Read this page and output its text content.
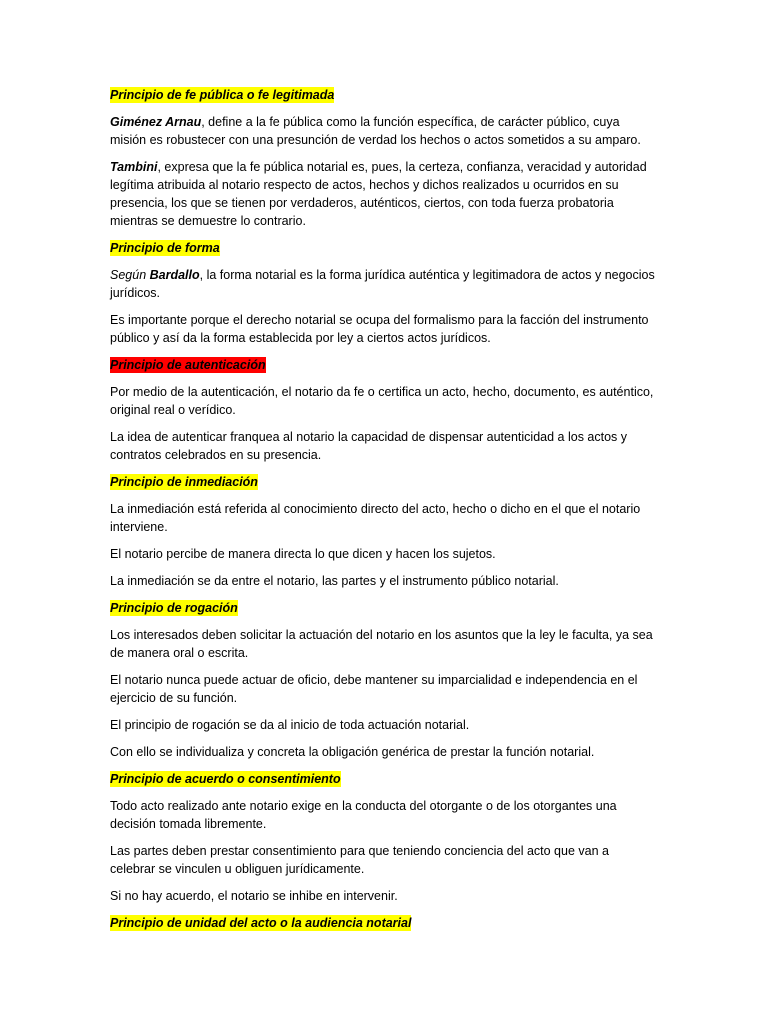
Principio de fe pública o fe legitimada
Giménez Arnau, define a la fe pública como la función específica, de carácter público, cuya misión es robustecer con una presunción de verdad los hechos o actos sometidos a su amparo.
Tambini, expresa que la fe pública notarial es, pues, la certeza, confianza, veracidad y autoridad legítima atribuida al notario respecto de actos, hechos y dichos realizados u ocurridos en su presencia, los que se tienen por verdaderos, auténticos, ciertos, con toda fuerza probatoria mientras se demuestre lo contrario.
Principio de forma
Según Bardallo, la forma notarial es la forma jurídica auténtica y legitimadora de actos y negocios jurídicos.
Es importante porque el derecho notarial se ocupa del formalismo para la facción del instrumento público y así da la forma establecida por ley a ciertos actos jurídicos.
Principio de autenticación
Por medio de la autenticación, el notario da fe o certifica un acto, hecho, documento, es auténtico, original real o verídico.
La idea de autenticar franquea al notario la capacidad de dispensar autenticidad a los actos y contratos celebrados en su presencia.
Principio de inmediación
La inmediación está referida al conocimiento directo del acto, hecho o dicho en el que el notario interviene.
El notario percibe de manera directa lo que dicen y hacen los sujetos.
La inmediación se da entre el notario, las partes y el instrumento público notarial.
Principio de rogación
Los interesados deben solicitar la actuación del notario en los asuntos que la ley le faculta, ya sea de manera oral o escrita.
El notario nunca puede actuar de oficio, debe mantener su imparcialidad e independencia en el ejercicio de su función.
El principio de rogación se da al inicio de toda actuación notarial.
Con ello se individualiza y concreta la obligación genérica de prestar la función notarial.
Principio de acuerdo o consentimiento
Todo acto realizado ante notario exige en la conducta del otorgante o de los otorgantes una decisión tomada libremente.
Las partes deben prestar consentimiento para que teniendo conciencia del acto que van a celebrar se vinculen u obliguen jurídicamente.
Si no hay acuerdo, el notario se inhibe en intervenir.
Principio de unidad del acto o la audiencia notarial
